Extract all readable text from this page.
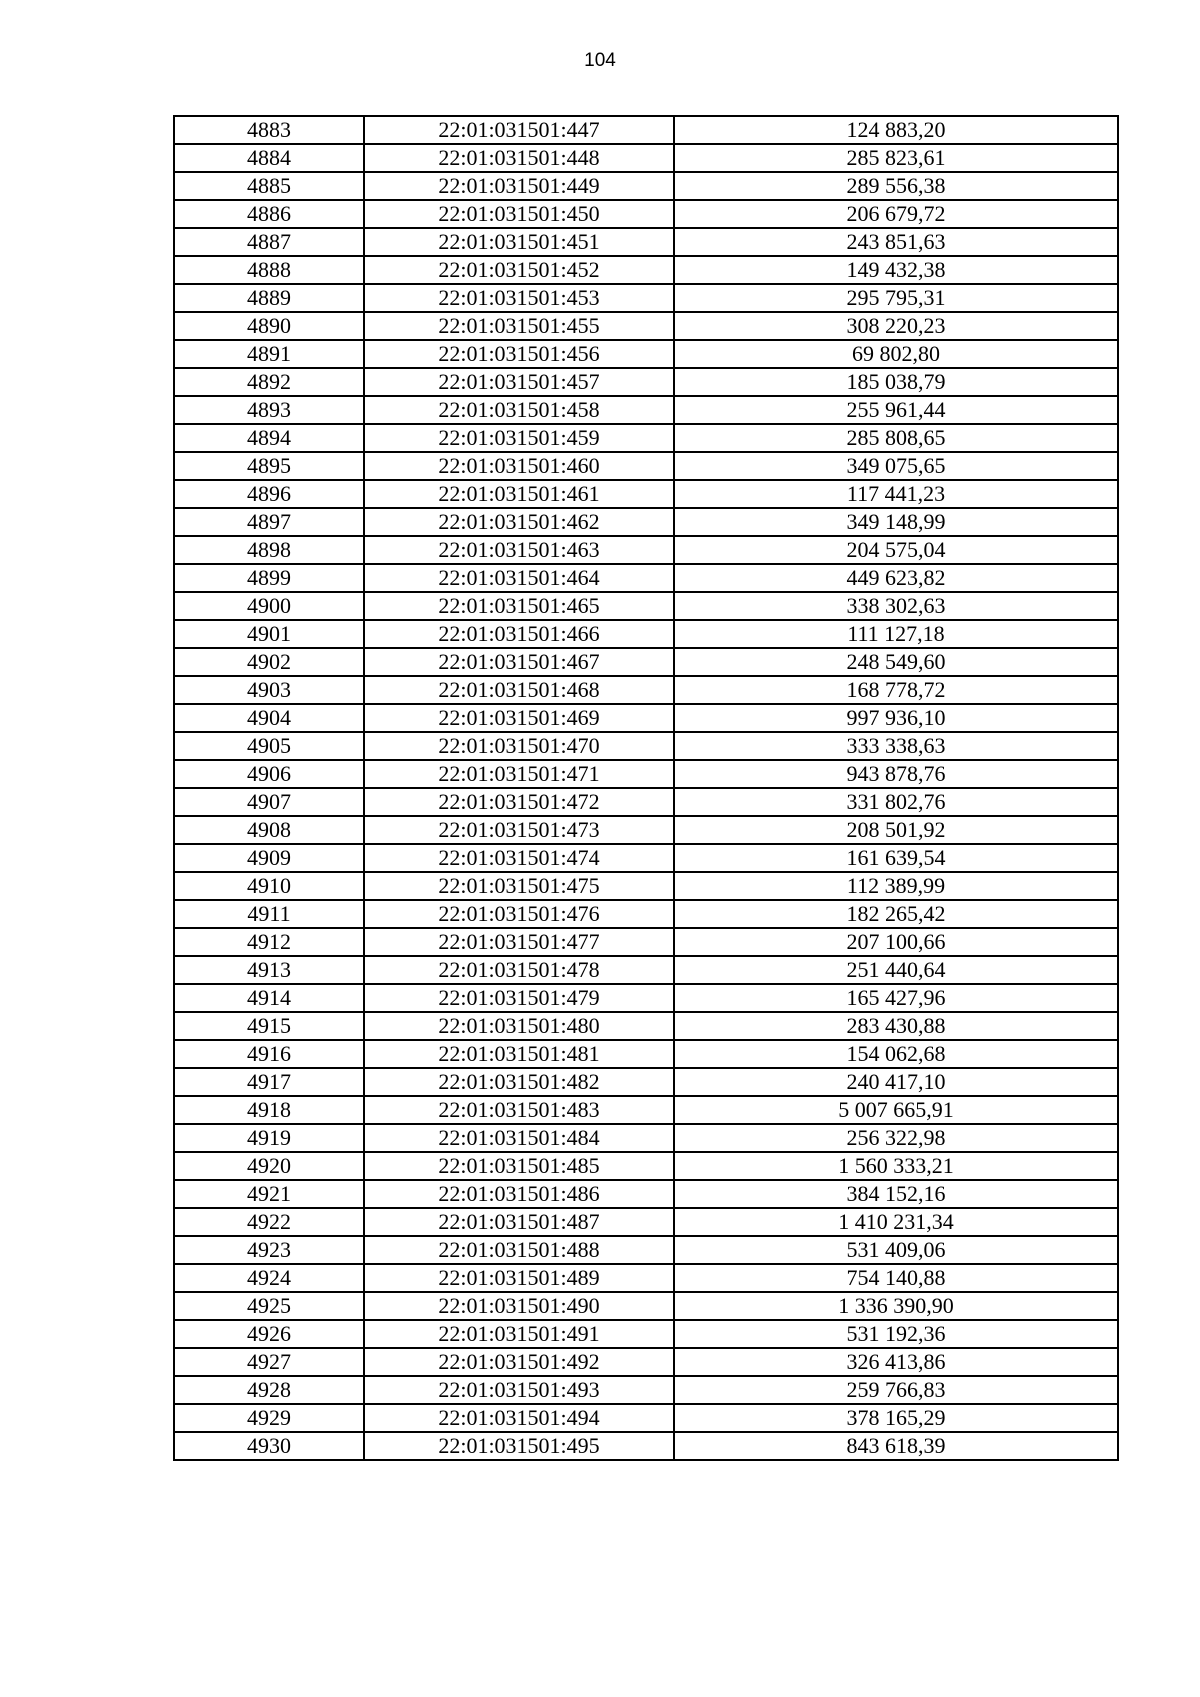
104
4883	22:01:031501:447	124 883,20
4884	22:01:031501:448	285 823,61
4885	22:01:031501:449	289 556,38
4886	22:01:031501:450	206 679,72
4887	22:01:031501:451	243 851,63
4888	22:01:031501:452	149 432,38
4889	22:01:031501:453	295 795,31
4890	22:01:031501:455	308 220,23
4891	22:01:031501:456	69 802,80
4892	22:01:031501:457	185 038,79
4893	22:01:031501:458	255 961,44
4894	22:01:031501:459	285 808,65
4895	22:01:031501:460	349 075,65
4896	22:01:031501:461	117 441,23
4897	22:01:031501:462	349 148,99
4898	22:01:031501:463	204 575,04
4899	22:01:031501:464	449 623,82
4900	22:01:031501:465	338 302,63
4901	22:01:031501:466	111 127,18
4902	22:01:031501:467	248 549,60
4903	22:01:031501:468	168 778,72
4904	22:01:031501:469	997 936,10
4905	22:01:031501:470	333 338,63
4906	22:01:031501:471	943 878,76
4907	22:01:031501:472	331 802,76
4908	22:01:031501:473	208 501,92
4909	22:01:031501:474	161 639,54
4910	22:01:031501:475	112 389,99
4911	22:01:031501:476	182 265,42
4912	22:01:031501:477	207 100,66
4913	22:01:031501:478	251 440,64
4914	22:01:031501:479	165 427,96
4915	22:01:031501:480	283 430,88
4916	22:01:031501:481	154 062,68
4917	22:01:031501:482	240 417,10
4918	22:01:031501:483	5 007 665,91
4919	22:01:031501:484	256 322,98
4920	22:01:031501:485	1 560 333,21
4921	22:01:031501:486	384 152,16
4922	22:01:031501:487	1 410 231,34
4923	22:01:031501:488	531 409,06
4924	22:01:031501:489	754 140,88
4925	22:01:031501:490	1 336 390,90
4926	22:01:031501:491	531 192,36
4927	22:01:031501:492	326 413,86
4928	22:01:031501:493	259 766,83
4929	22:01:031501:494	378 165,29
4930	22:01:031501:495	843 618,39
